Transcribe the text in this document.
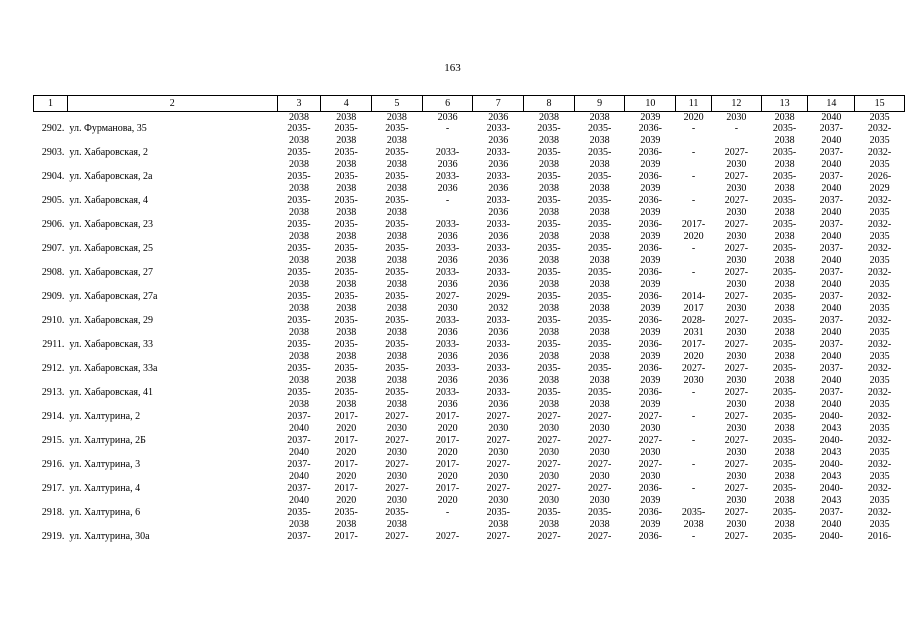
163
1	2	3	4	5	6	7	8	9	10	11	12	13	14	15
		2038	2038	2038	2036	2036	2038	2038	2039	2020	2030	2038	2040	2035
2902.	ул. Фурманова, 35	2035-	2035-	2035-	-	2033-	2035-	2035-	2036-	-	-	2035-	2037-	2032-
		2038	2038	2038		2036	2038	2038	2039			2038	2040	2035
2903.	ул. Хабаровская, 2	2035-	2035-	2035-	2033-	2033-	2035-	2035-	2036-	-	2027-	2035-	2037-	2032-
		2038	2038	2038	2036	2036	2038	2038	2039		2030	2038	2040	2035
2904.	ул. Хабаровская, 2а	2035-	2035-	2035-	2033-	2033-	2035-	2035-	2036-	-	2027-	2035-	2037-	2026-
		2038	2038	2038	2036	2036	2038	2038	2039		2030	2038	2040	2029
2905.	ул. Хабаровская, 4	2035-	2035-	2035-	-	2033-	2035-	2035-	2036-	-	2027-	2035-	2037-	2032-
		2038	2038	2038		2036	2038	2038	2039		2030	2038	2040	2035
2906.	ул. Хабаровская, 23	2035-	2035-	2035-	2033-	2033-	2035-	2035-	2036-	2017-	2027-	2035-	2037-	2032-
		2038	2038	2038	2036	2036	2038	2038	2039	2020	2030	2038	2040	2035
2907.	ул. Хабаровская, 25	2035-	2035-	2035-	2033-	2033-	2035-	2035-	2036-	-	2027-	2035-	2037-	2032-
		2038	2038	2038	2036	2036	2038	2038	2039		2030	2038	2040	2035
2908.	ул. Хабаровская, 27	2035-	2035-	2035-	2033-	2033-	2035-	2035-	2036-	-	2027-	2035-	2037-	2032-
		2038	2038	2038	2036	2036	2038	2038	2039		2030	2038	2040	2035
2909.	ул. Хабаровская, 27а	2035-	2035-	2035-	2027-	2029-	2035-	2035-	2036-	2014-	2027-	2035-	2037-	2032-
		2038	2038	2038	2030	2032	2038	2038	2039	2017	2030	2038	2040	2035
2910.	ул. Хабаровская, 29	2035-	2035-	2035-	2033-	2033-	2035-	2035-	2036-	2028-	2027-	2035-	2037-	2032-
		2038	2038	2038	2036	2036	2038	2038	2039	2031	2030	2038	2040	2035
2911.	ул. Хабаровская, 33	2035-	2035-	2035-	2033-	2033-	2035-	2035-	2036-	2017-	2027-	2035-	2037-	2032-
		2038	2038	2038	2036	2036	2038	2038	2039	2020	2030	2038	2040	2035
2912.	ул. Хабаровская, 33а	2035-	2035-	2035-	2033-	2033-	2035-	2035-	2036-	2027-	2027-	2035-	2037-	2032-
		2038	2038	2038	2036	2036	2038	2038	2039	2030	2030	2038	2040	2035
2913.	ул. Хабаровская, 41	2035-	2035-	2035-	2033-	2033-	2035-	2035-	2036-	-	2027-	2035-	2037-	2032-
		2038	2038	2038	2036	2036	2038	2038	2039		2030	2038	2040	2035
2914.	ул. Халтурина, 2	2037-	2017-	2027-	2017-	2027-	2027-	2027-	2027-	-	2027-	2035-	2040-	2032-
		2040	2020	2030	2020	2030	2030	2030	2030		2030	2038	2043	2035
2915.	ул. Халтурина, 2Б	2037-	2017-	2027-	2017-	2027-	2027-	2027-	2027-	-	2027-	2035-	2040-	2032-
		2040	2020	2030	2020	2030	2030	2030	2030		2030	2038	2043	2035
2916.	ул. Халтурина, 3	2037-	2017-	2027-	2017-	2027-	2027-	2027-	2027-	-	2027-	2035-	2040-	2032-
		2040	2020	2030	2020	2030	2030	2030	2030		2030	2038	2043	2035
2917.	ул. Халтурина, 4	2037-	2017-	2027-	2017-	2027-	2027-	2027-	2036-	-	2027-	2035-	2040-	2032-
		2040	2020	2030	2020	2030	2030	2030	2039		2030	2038	2043	2035
2918.	ул. Халтурина, 6	2035-	2035-	2035-	-	2035-	2035-	2035-	2036-	2035-	2027-	2035-	2037-	2032-
		2038	2038	2038		2038	2038	2038	2039	2038	2030	2038	2040	2035
2919.	ул. Халтурина, 30а	2037-	2017-	2027-	2027-	2027-	2027-	2027-	2036-	-	2027-	2035-	2040-	2016-
